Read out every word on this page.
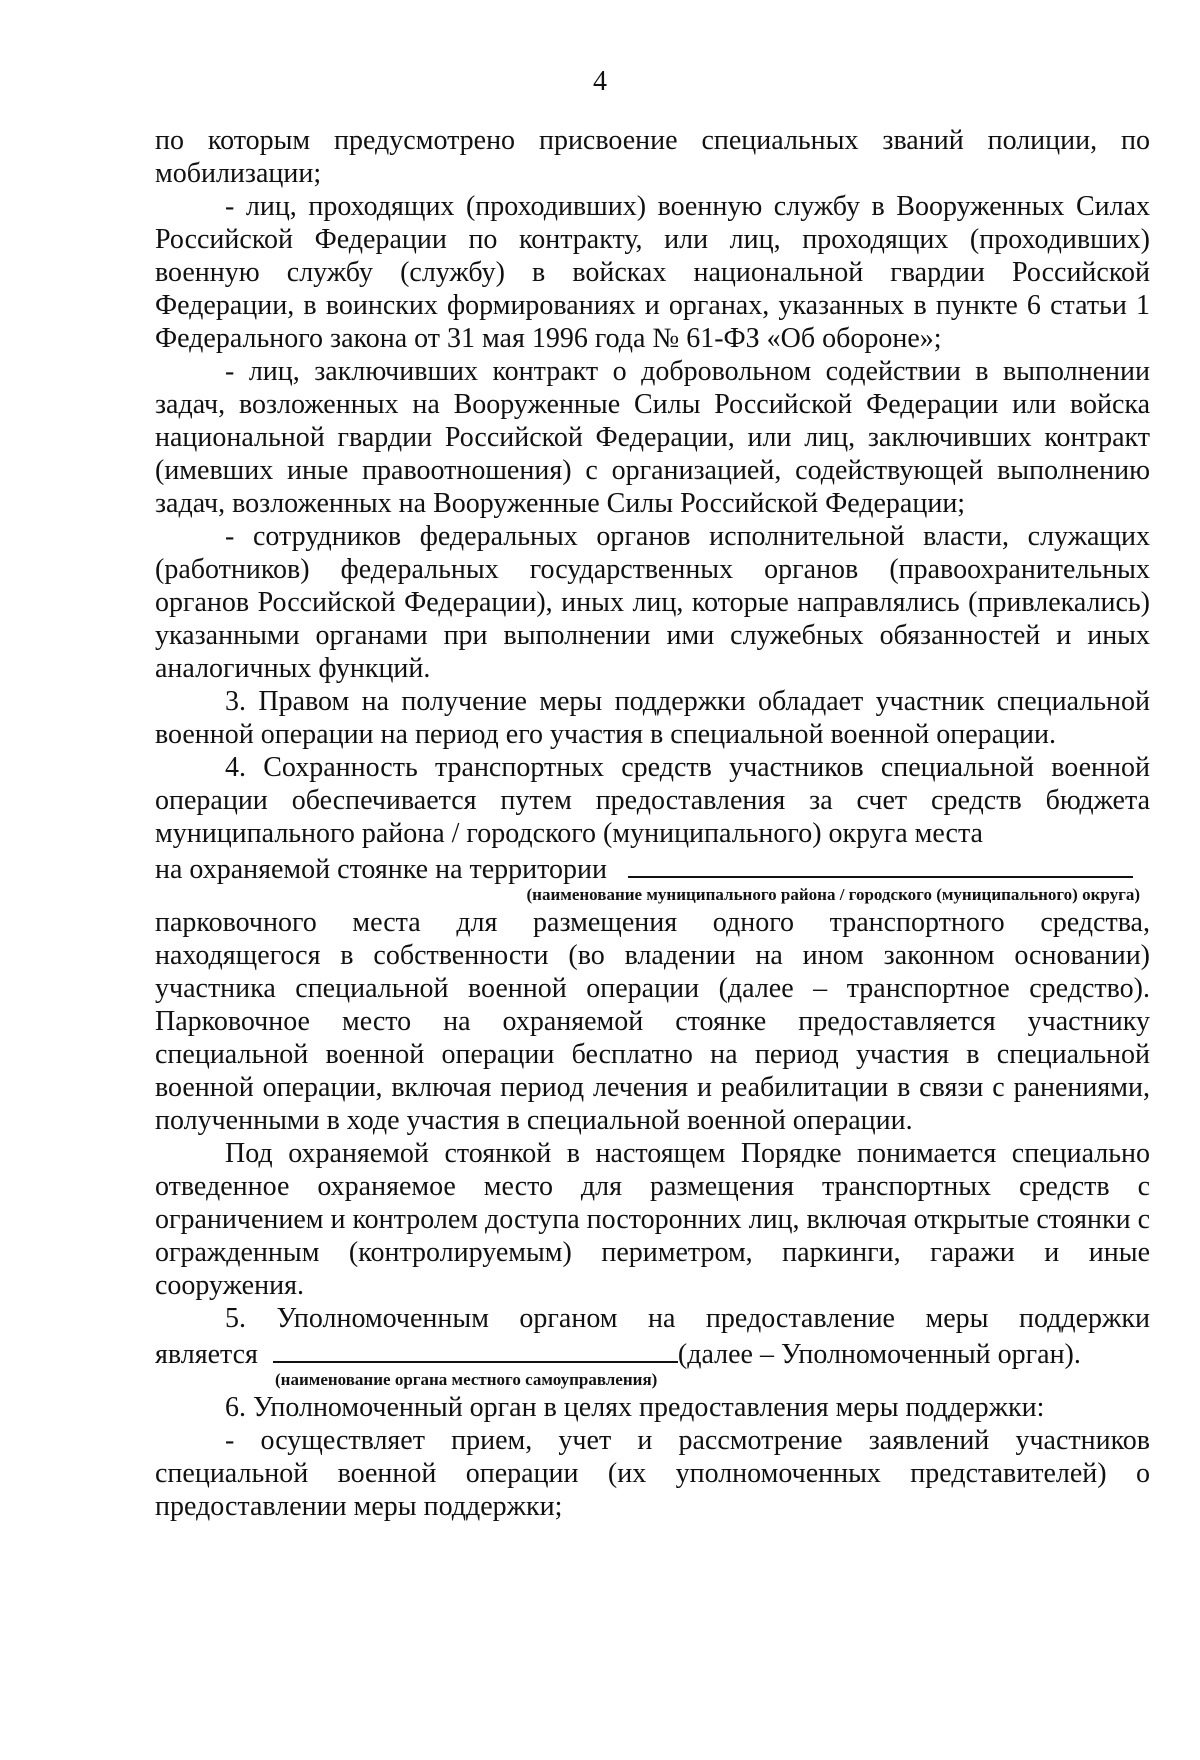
4

по которым предусмотрено присвоение специальных званий полиции, по мобилизации;

- лиц, проходящих (проходивших) военную службу в Вооруженных Силах Российской Федерации по контракту, или лиц, проходящих (проходивших) военную службу (службу) в войсках национальной гвардии Российской Федерации, в воинских формированиях и органах, указанных в пункте 6 статьи 1 Федерального закона от 31 мая 1996 года № 61-ФЗ «Об обороне»;

- лиц, заключивших контракт о добровольном содействии в выполнении задач, возложенных на Вооруженные Силы Российской Федерации или войска национальной гвардии Российской Федерации, или лиц, заключивших контракт (имевших иные правоотношения) с организацией, содействующей выполнению задач, возложенных на Вооруженные Силы Российской Федерации;

- сотрудников федеральных органов исполнительной власти, служащих (работников) федеральных государственных органов (правоохранительных органов Российской Федерации), иных лиц, которые направлялись (привлекались) указанными органами при выполнении ими служебных обязанностей и иных аналогичных функций.

3. Правом на получение меры поддержки обладает участник специальной военной операции на период его участия в специальной военной операции.

4. Сохранность транспортных средств участников специальной военной операции обеспечивается путем предоставления за счет средств бюджета муниципального района / городского (муниципального) округа места

на охраняемой стоянке на территории

(наименование муниципального района / городского (муниципального) округа)

парковочного места для размещения одного транспортного средства, находящегося в собственности (во владении на ином законном основании) участника специальной военной операции (далее – транспортное средство). Парковочное место на охраняемой стоянке предоставляется участнику специальной военной операции бесплатно на период участия в специальной военной операции, включая период лечения и реабилитации в связи с ранениями, полученными в ходе участия в специальной военной операции.

Под охраняемой стоянкой в настоящем Порядке понимается специально отведенное охраняемое место для размещения транспортных средств с ограничением и контролем доступа посторонних лиц, включая открытые стоянки с огражденным (контролируемым) периметром, паркинги, гаражи и иные сооружения.

5. Уполномоченным органом на предоставление меры поддержки

является	(далее – Уполномоченный орган).

(наименование органа местного самоуправления)

6. Уполномоченный орган в целях предоставления меры поддержки:

- осуществляет прием, учет и рассмотрение заявлений участников специальной военной операции (их уполномоченных представителей) о предоставлении меры поддержки;
